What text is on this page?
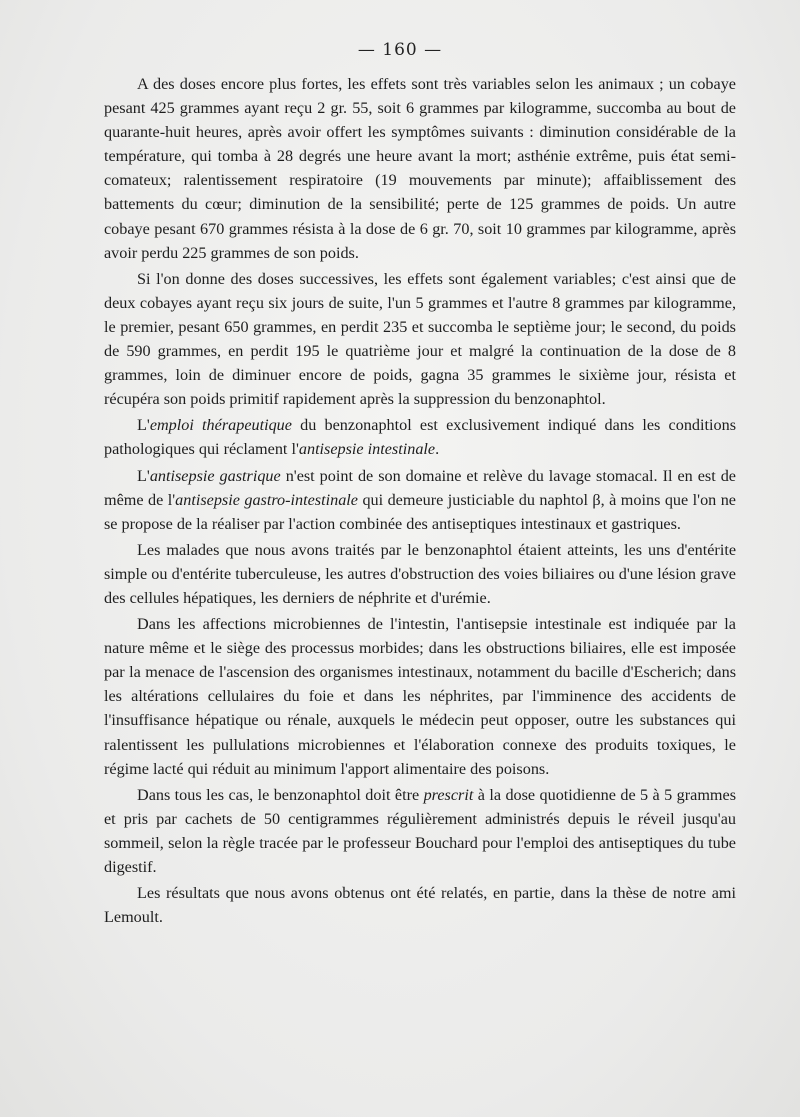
— 160 —

A des doses encore plus fortes, les effets sont très variables selon les animaux ; un cobaye pesant 425 grammes ayant reçu 2 gr. 55, soit 6 grammes par kilogramme, succomba au bout de quarante-huit heures, après avoir offert les symptômes suivants : diminution considérable de la température, qui tomba à 28 degrés une heure avant la mort; asthénie extrême, puis état semi-comateux; ralentissement respiratoire (19 mouvements par minute); affaiblissement des battements du cœur; diminution de la sensibilité; perte de 125 grammes de poids. Un autre cobaye pesant 670 grammes résista à la dose de 6 gr. 70, soit 10 grammes par kilogramme, après avoir perdu 225 grammes de son poids.

Si l'on donne des doses successives, les effets sont également variables; c'est ainsi que de deux cobayes ayant reçu six jours de suite, l'un 5 grammes et l'autre 8 grammes par kilogramme, le premier, pesant 650 grammes, en perdit 235 et succomba le septième jour; le second, du poids de 590 grammes, en perdit 195 le quatrième jour et malgré la continuation de la dose de 8 grammes, loin de diminuer encore de poids, gagna 35 grammes le sixième jour, résista et récupéra son poids primitif rapidement après la suppression du benzonaphtol.

L'emploi thérapeutique du benzonaphtol est exclusivement indiqué dans les conditions pathologiques qui réclament l'antisepsie intestinale.

L'antisepsie gastrique n'est point de son domaine et relève du lavage stomacal. Il en est de même de l'antisepsie gastro-intestinale qui demeure justiciable du naphtol β, à moins que l'on ne se propose de la réaliser par l'action combinée des antiseptiques intestinaux et gastriques.

Les malades que nous avons traités par le benzonaphtol étaient atteints, les uns d'entérite simple ou d'entérite tuberculeuse, les autres d'obstruction des voies biliaires ou d'une lésion grave des cellules hépatiques, les derniers de néphrite et d'urémie.

Dans les affections microbiennes de l'intestin, l'antisepsie intestinale est indiquée par la nature même et le siège des processus morbides; dans les obstructions biliaires, elle est imposée par la menace de l'ascension des organismes intestinaux, notamment du bacille d'Escherich; dans les altérations cellulaires du foie et dans les néphrites, par l'imminence des accidents de l'insuffisance hépatique ou rénale, auxquels le médecin peut opposer, outre les substances qui ralentissent les pullulations microbiennes et l'élaboration connexe des produits toxiques, le régime lacté qui réduit au minimum l'apport alimentaire des poisons.

Dans tous les cas, le benzonaphtol doit être prescrit à la dose quotidienne de 5 à 5 grammes et pris par cachets de 50 centigrammes régulièrement administrés depuis le réveil jusqu'au sommeil, selon la règle tracée par le professeur Bouchard pour l'emploi des antiseptiques du tube digestif.

Les résultats que nous avons obtenus ont été relatés, en partie, dans la thèse de notre ami Lemoult.
